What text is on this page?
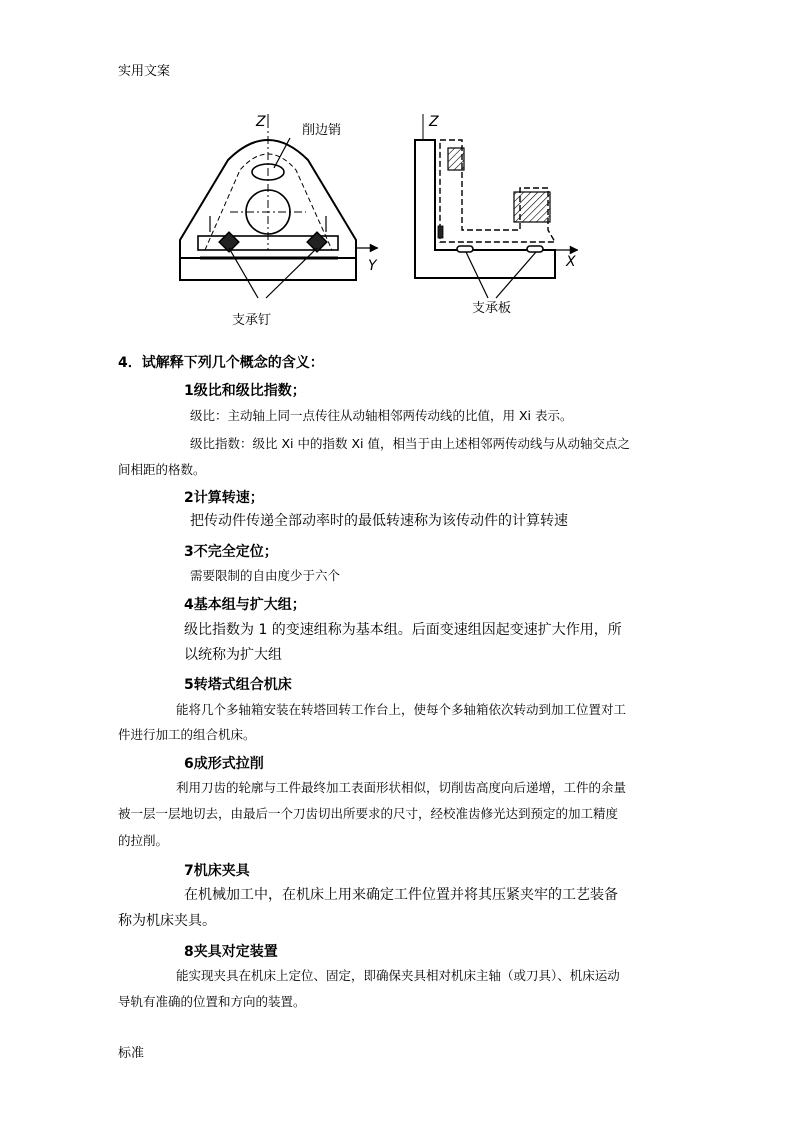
实用文案
Z
Y
削边销
支承钉
Z
X
支承板
4．试解释下列几个概念的含义：
1级比和级比指数；
级比：主动轴上同一点传往从动轴相邻两传动线的比值，用 Xi 表示。
级比指数：级比 Xi 中的指数 Xi 值，相当于由上述相邻两传动线与从动轴交点之
间相距的格数。
2计算转速；
把传动件传递全部动率时的最低转速称为该传动件的计算转速
3不完全定位；
需要限制的自由度少于六个
4基本组与扩大组；
级比指数为 1 的变速组称为基本组。后面变速组因起变速扩大作用，所
以统称为扩大组
5转塔式组合机床
能将几个多轴箱安装在转塔回转工作台上，使每个多轴箱依次转动到加工位置对工
件进行加工的组合机床。
6成形式拉削
利用刀齿的轮廓与工件最终加工表面形状相似，切削齿高度向后递增，工件的余量
被一层一层地切去，由最后一个刀齿切出所要求的尺寸，经校准齿修光达到预定的加工精度
的拉削。
7机床夹具
在机械加工中，在机床上用来确定工件位置并将其压紧夹牢的工艺装备
称为机床夹具。
8夹具对定装置
能实现夹具在机床上定位、固定，即确保夹具相对机床主轴（或刀具）、机床运动
导轨有准确的位置和方向的装置。
标准
